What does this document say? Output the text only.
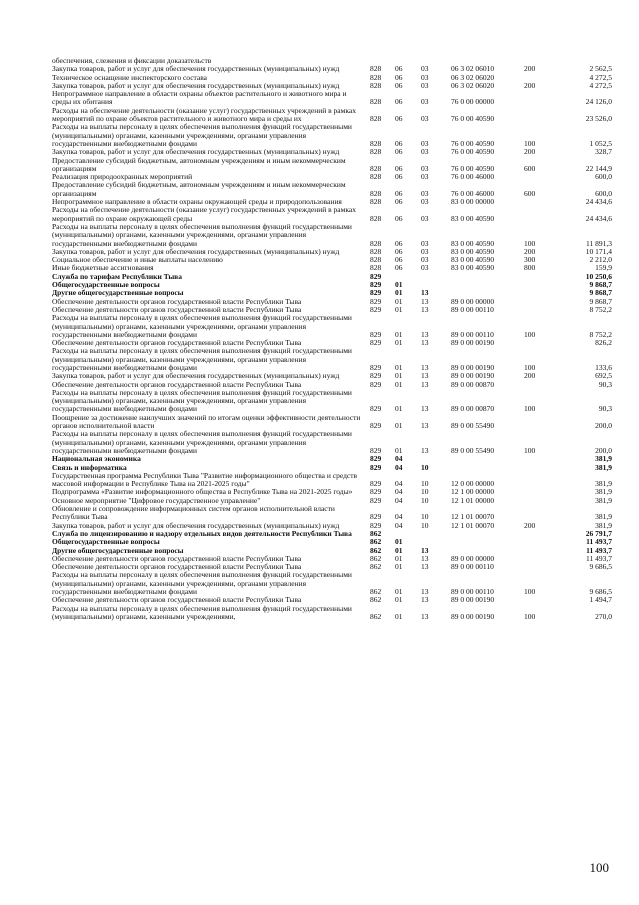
обеспечения, слежения и фиксации доказательств
Закупка товаров, работ и услуг для обеспечения государственных (муниципальных) нужд	828	06	03	06 3 02 06010	200	2 562,5
Техническое оснащение инспекторского состава	828	06	03	06 3 02 06020	4 272,5
Закупка товаров, работ и услуг для обеспечения государственных (муниципальных) нужд	828	06	03	06 3 02 06020	200	4 272,5
Непрограммное направление в области охраны объектов растительного и животного мира и среды их обитания	828	06	03	76 0 00 00000	24 126,0
Расходы на обеспечение деятельности (оказание услуг) государственных учреждений в рамках мероприятий по охране объектов растительного и животного мира и среды их	828	06	03	76 0 00 40590	23 526,0
Расходы на выплаты персоналу в целях обеспечения выполнения функций государственными (муниципальными) органами, казенными учреждениями, органами управления государственными внебюджетными фондами	828	06	03	76 0 00 40590	100	1 052,5
Закупка товаров, работ и услуг для обеспечения государственных (муниципальных) нужд	828	06	03	76 0 00 40590	200	328,7
Предоставление субсидий бюджетным, автономным учреждениям и иным некоммерческим организациям	828	06	03	76 0 00 40590	600	22 144,9
Реализация природоохранных мероприятий	828	06	03	76 0 00 46000	600,0
Предоставление субсидий бюджетным, автономным учреждениям и иным некоммерческим организациям	828	06	03	76 0 00 46000	600	600,0
Непрограммное направление в области охраны окружающей среды и природопользования	828	06	03	83 0 00 00000	24 434,6
Расходы на обеспечение деятельности (оказание услуг) государственных учреждений в рамках мероприятий по охране окружающей среды	828	06	03	83 0 00 40590	24 434,6
Расходы на выплаты персоналу в целях обеспечения выполнения функций государственными (муниципальными) органами, казенными учреждениями, органами управления государственными внебюджетными фондами	828	06	03	83 0 00 40590	100	11 891,3
Закупка товаров, работ и услуг для обеспечения государственных (муниципальных) нужд	828	06	03	83 0 00 40590	200	10 171,4
Социальное обеспечение и иные выплаты населению	828	06	03	83 0 00 40590	300	2 212,0
Иные бюджетные ассигнования	828	06	03	83 0 00 40590	800	159,9
Служба по тарифам Республики Тыва	829	10 250,6
Общегосударственные вопросы	829	01	9 868,7
Другие общегосударственные вопросы	829	01	13	9 868,7
Обеспечение деятельности органов государственной власти Республики Тыва	829	01	13	89 0 00 00000	9 868,7
Обеспечение деятельности органов государственной власти Республики Тыва	829	01	13	89 0 00 00110	8 752,2
Расходы на выплаты персоналу в целях обеспечения выполнения функций государственными (муниципальными) органами, казенными учреждениями, органами управления государственными внебюджетными фондами	829	01	13	89 0 00 00110	100	8 752,2
Обеспечение деятельности органов государственной власти Республики Тыва	829	01	13	89 0 00 00190	826,2
Расходы на выплаты персоналу в целях обеспечения выполнения функций государственными (муниципальными) органами, казенными учреждениями, органами управления государственными внебюджетными фондами	829	01	13	89 0 00 00190	100	133,6
Закупка товаров, работ и услуг для обеспечения государственных (муниципальных) нужд	829	01	13	89 0 00 00190	200	692,5
Обеспечение деятельности органов государственной власти Республики Тыва	829	01	13	89 0 00 00870	90,3
Расходы на выплаты персоналу в целях обеспечения выполнения функций государственными (муниципальными) органами, казенными учреждениями, органами управления государственными внебюджетными фондами	829	01	13	89 0 00 00870	100	90,3
Поощрение за достижение наилучших значений по итогам оценки эффективности деятельности органов исполнительной власти	829	01	13	89 0 00 55490	200,0
Расходы на выплаты персоналу в целях обеспечения выполнения функций государственными (муниципальными) органами, казенными учреждениями, органами управления государственными внебюджетными фондами	829	01	13	89 0 00 55490	100	200,0
Национальная экономика	829	04	381,9
Связь и информатика	829	04	10	381,9
Государственная программа Республики Тыва "Развитие информационного общества и средств массовой информации в Республике Тыва на 2021-2025 годы"	829	04	10	12 0 00 00000	381,9
Подпрограмма «Развитие информационного общества в Республике Тыва на 2021-2025 годы»	829	04	10	12 1 00 00000	381,9
Основное мероприятие "Цифровое государственное управление"	829	04	10	12 1 01 00000	381,9
Обновление и сопровождение информационных систем органов исполнительной власти Республики Тыва	829	04	10	12 1 01 00070	381,9
Закупка товаров, работ и услуг для обеспечения государственных (муниципальных) нужд	829	04	10	12 1 01 00070	200	381,9
Служба по лицензированию и надзору отдельных видов деятельности Республики Тыва	862	26 791,7
Общегосударственные вопросы	862	01	11 493,7
Другие общегосударственные вопросы	862	01	13	11 493,7
Обеспечение деятельности органов государственной власти Республики Тыва	862	01	13	89 0 00 00000	11 493,7
Обеспечение деятельности органов государственной власти Республики Тыва	862	01	13	89 0 00 00110	9 686,5
Расходы на выплаты персоналу в целях обеспечения выполнения функций государственными (муниципальными) органами, казенными учреждениями, органами управления государственными внебюджетными фондами	862	01	13	89 0 00 00110	100	9 686,5
Обеспечение деятельности органов государственной власти Республики Тыва	862	01	13	89 0 00 00190	1 494,7
Расходы на выплаты персоналу в целях обеспечения выполнения функций государственными (муниципальными) органами, казенными учреждениями,	862	01	13	89 0 00 00190	100	270,0
100
